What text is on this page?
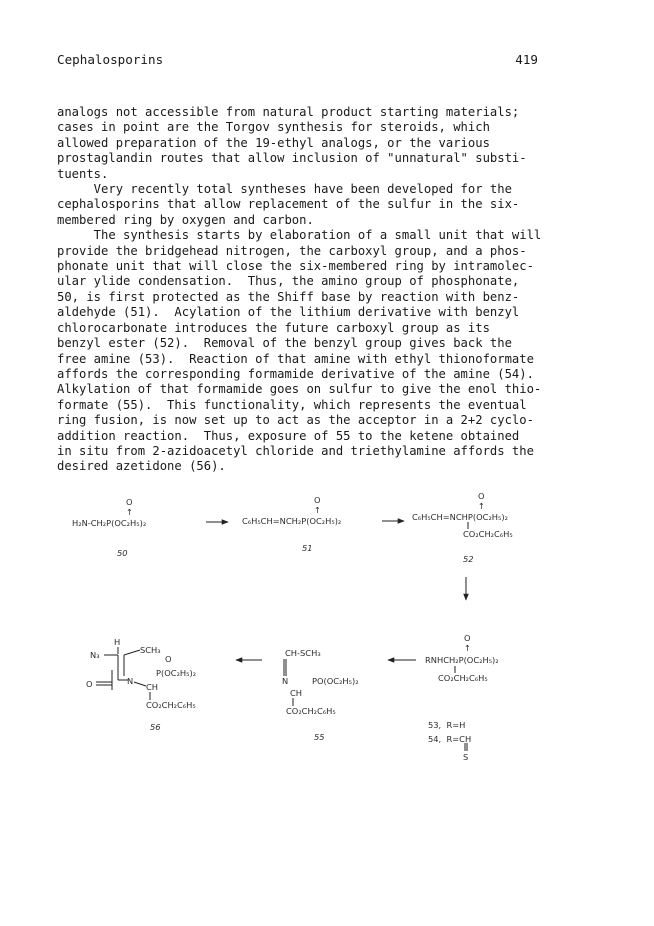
Cephalosporins	419

analogs not accessible from natural product starting materials;

cases in point are the Torgov synthesis for steroids, which

allowed preparation of the 19-ethyl analogs, or the various

prostaglandin routes that allow inclusion of "unnatural" substi-

tuents.

Very recently total syntheses have been developed for the

cephalosporins that allow replacement of the sulfur in the six-

membered ring by oxygen and carbon.

The synthesis starts by elaboration of a small unit that will

provide the bridgehead nitrogen, the carboxyl group, and a phos-

phonate unit that will close the six-membered ring by intramolec-

ular ylide condensation.  Thus, the amino group of phosphonate,

50, is first protected as the Shiff base by reaction with benz-

aldehyde (51).  Acylation of the lithium derivative with benzyl

chlorocarbonate introduces the future carboxyl group as its

benzyl ester (52).  Removal of the benzyl group gives back the

free amine (53).  Reaction of that amine with ethyl thionoformate

affords the corresponding formamide derivative of the amine (54).

Alkylation of that formamide goes on sulfur to give the enol thio-

formate (55).  This functionality, which represents the eventual

ring fusion, is now set up to act as the acceptor in a 2+2 cyclo-

addition reaction.  Thus, exposure of 55 to the ketene obtained

in situ from 2-azidoacetyl chloride and triethylamine affords the

desired azetidone (56).

O
↑
H₂N-CH₂P(OC₂H₅)₂
50
O
↑
C₆H₅CH=NCH₂P(OC₂H₅)₂
51
O
↑
C₆H₅CH=NCHP(OC₂H₅)₂
CO₂CH₂C₆H₅
52
O
↑
RNHCH₂P(OC₂H₅)₂
CO₂CH₂C₆H₅
53,  R=H
54,  R=CH
S
CH-SCH₃
N	PO(OC₂H₅)₂
CH
CO₂CH₂C₆H₅
55
H
N₃	SCH₃
O
O	N
P(OC₂H₅)₂
CH
CO₂CH₂C₆H₅
56
